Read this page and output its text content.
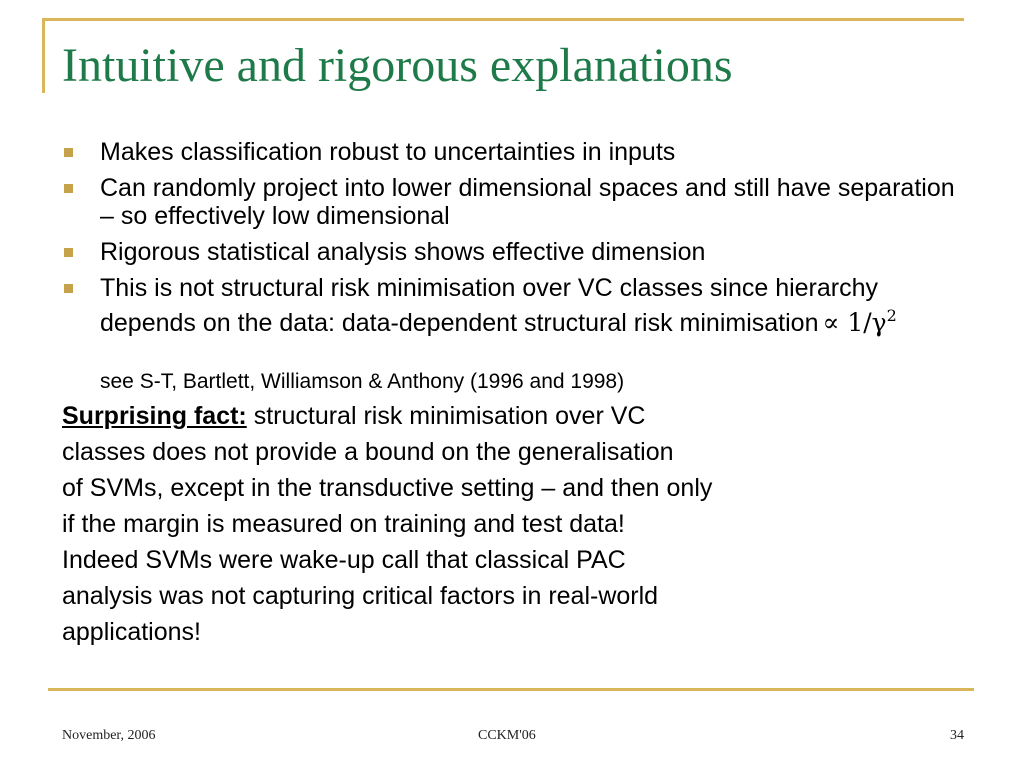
Intuitive and rigorous explanations
Makes classification robust to uncertainties in inputs
Can randomly project into lower dimensional spaces and still have separation – so effectively low dimensional
Rigorous statistical analysis shows effective dimension
This is not structural risk minimisation over VC classes since hierarchy depends on the data: data-dependent structural risk minimisation ∝ $1/\gamma^2$
see S-T, Bartlett, Williamson & Anthony (1996 and 1998)
Surprising fact: structural risk minimisation over VC
classes does not provide a bound on the generalisation
of SVMs, except in the transductive setting – and then only
if the margin is measured on training and test data!
Indeed SVMs were wake-up call that classical PAC
analysis was not capturing critical factors in real-world
applications!
November, 2006	CCKM'06	34
